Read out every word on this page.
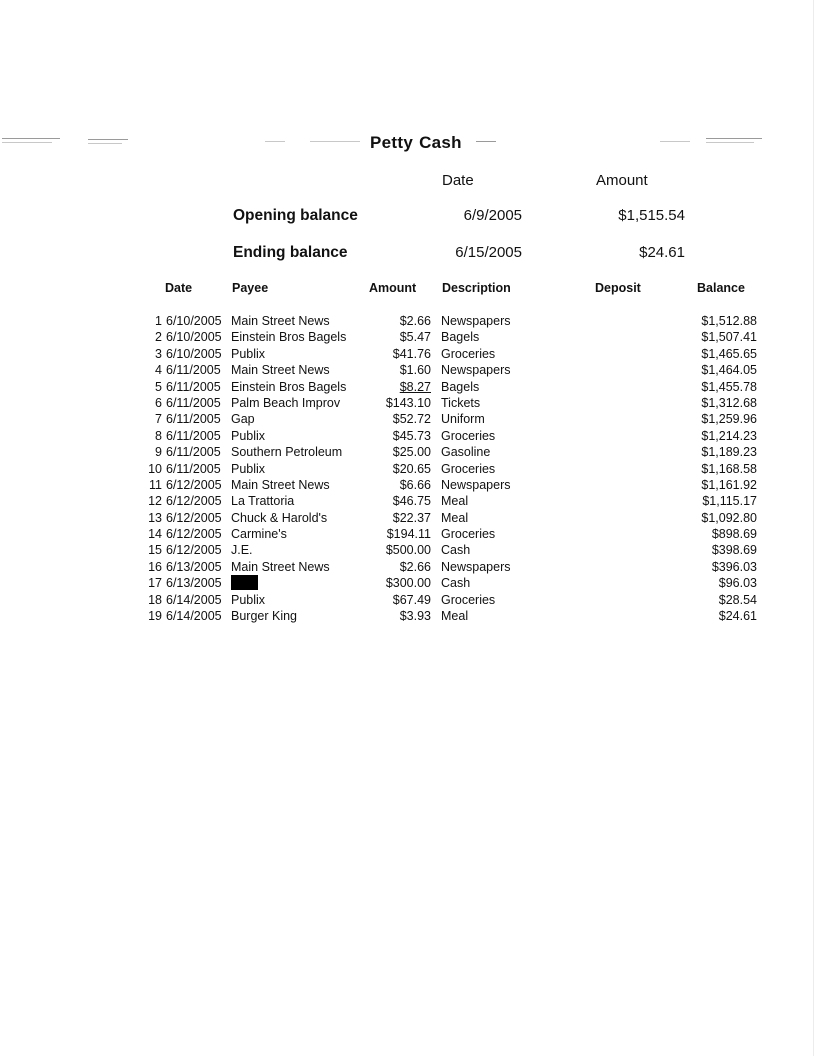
Petty Cash
Date	Amount
Opening balance	6/9/2005	$1,515.54
Ending balance	6/15/2005	$24.61
Date	Payee	Amount Description	Deposit	Balance
1 6/10/2005 Main Street News	$2.66 Newspapers	$1,512.88
2 6/10/2005 Einstein Bros Bagels	$5.47 Bagels	$1,507.41
3 6/10/2005 Publix	$41.76 Groceries	$1,465.65
4 6/11/2005 Main Street News	$1.60 Newspapers	$1,464.05
5 6/11/2005 Einstein Bros Bagels	$8.27 Bagels	$1,455.78
6 6/11/2005 Palm Beach Improv	$143.10 Tickets	$1,312.68
7 6/11/2005 Gap	$52.72 Uniform	$1,259.96
8 6/11/2005 Publix	$45.73 Groceries	$1,214.23
9 6/11/2005 Southern Petroleum	$25.00 Gasoline	$1,189.23
10 6/11/2005 Publix	$20.65 Groceries	$1,168.58
11 6/12/2005 Main Street News	$6.66 Newspapers	$1,161.92
12 6/12/2005 La Trattoria	$46.75 Meal	$1,115.17
13 6/12/2005 Chuck & Harold's	$22.37 Meal	$1,092.80
14 6/12/2005 Carmine's	$194.11 Groceries	$898.69
15 6/12/2005 J.E.	$500.00 Cash	$398.69
16 6/13/2005 Main Street News	$2.66 Newspapers	$396.03
17 6/13/2005	$300.00 Cash	$96.03
18 6/14/2005 Publix	$67.49 Groceries	$28.54
19 6/14/2005 Burger King	$3.93 Meal	$24.61
